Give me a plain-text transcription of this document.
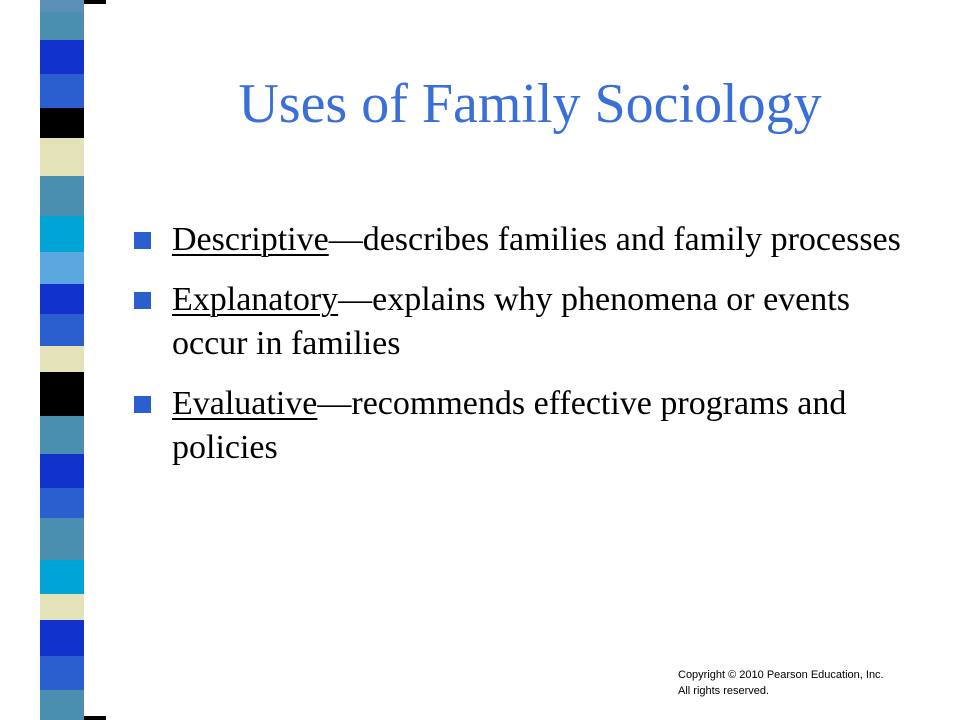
Uses of Family Sociology
Descriptive—describes families and family processes
Explanatory—explains why phenomena or events occur in families
Evaluative—recommends effective programs and policies
Copyright © 2010 Pearson Education, Inc.
All rights reserved.
